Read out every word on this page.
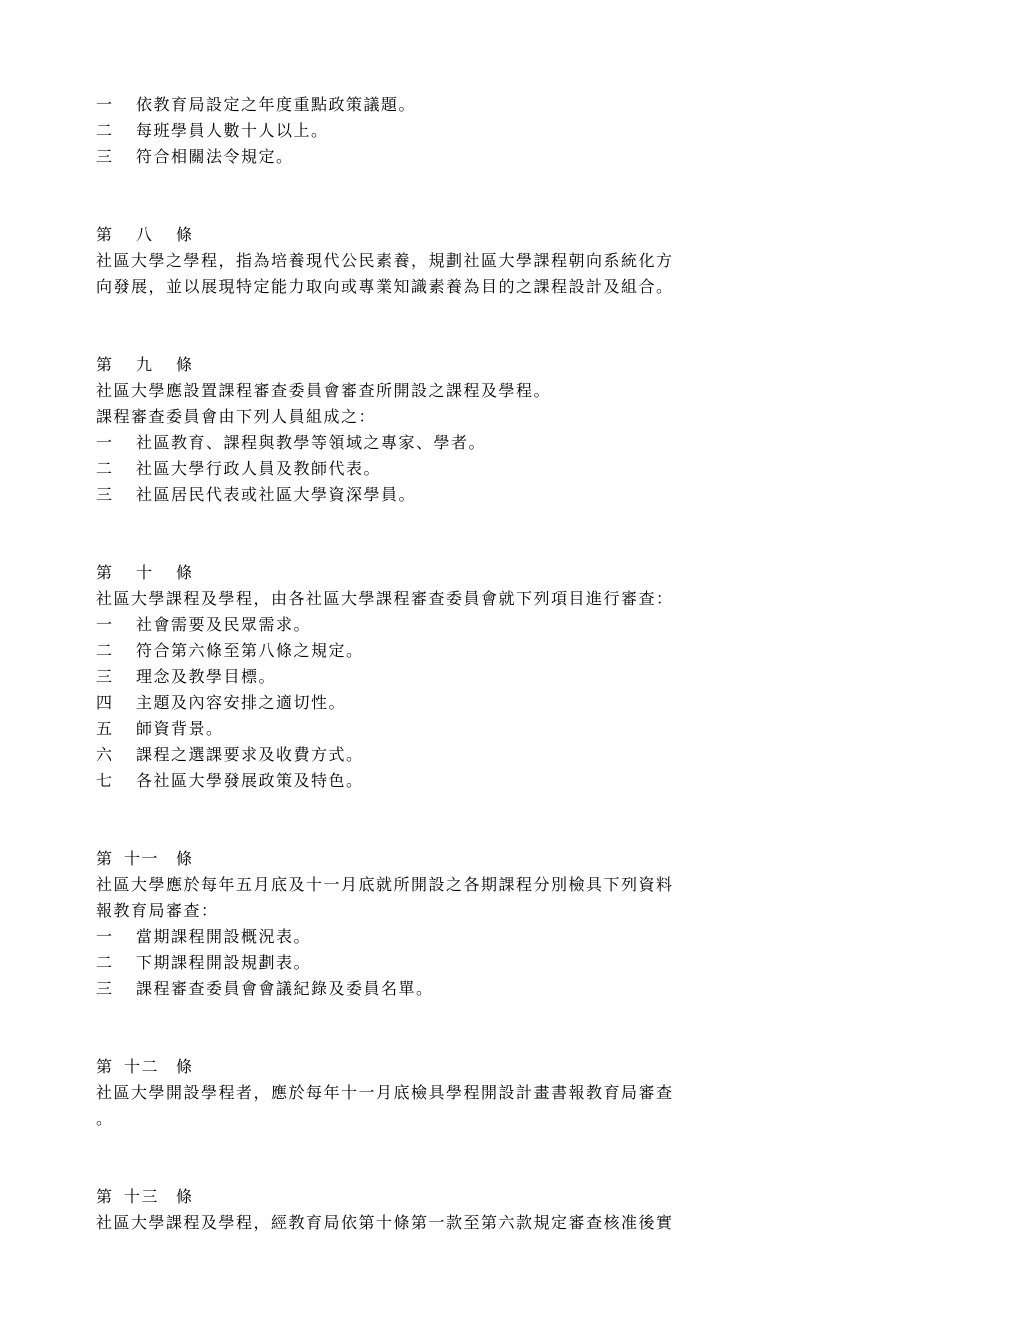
一	依教育局設定之年度重點政策議題。
二	每班學員人數十人以上。
三	符合相關法令規定。
第 八 條
社區大學之學程，指為培養現代公民素養，規劃社區大學課程朝向系統化方
向發展，並以展現特定能力取向或專業知識素養為目的之課程設計及組合。
第 九 條
社區大學應設置課程審查委員會審查所開設之課程及學程。
課程審查委員會由下列人員組成之：
一	社區教育、課程與教學等領域之專家、學者。
二	社區大學行政人員及教師代表。
三	社區居民代表或社區大學資深學員。
第 十 條
社區大學課程及學程，由各社區大學課程審查委員會就下列項目進行審查：
一	社會需要及民眾需求。
二	符合第六條至第八條之規定。
三	理念及教學目標。
四	主題及內容安排之適切性。
五	師資背景。
六	課程之選課要求及收費方式。
七	各社區大學發展政策及特色。
第 十一 條
社區大學應於每年五月底及十一月底就所開設之各期課程分別檢具下列資料
報教育局審查：
一	當期課程開設概況表。
二	下期課程開設規劃表。
三	課程審查委員會會議紀錄及委員名單。
第 十二 條
社區大學開設學程者，應於每年十一月底檢具學程開設計畫書報教育局審查
。
第 十三 條
社區大學課程及學程，經教育局依第十條第一款至第六款規定審查核准後實
